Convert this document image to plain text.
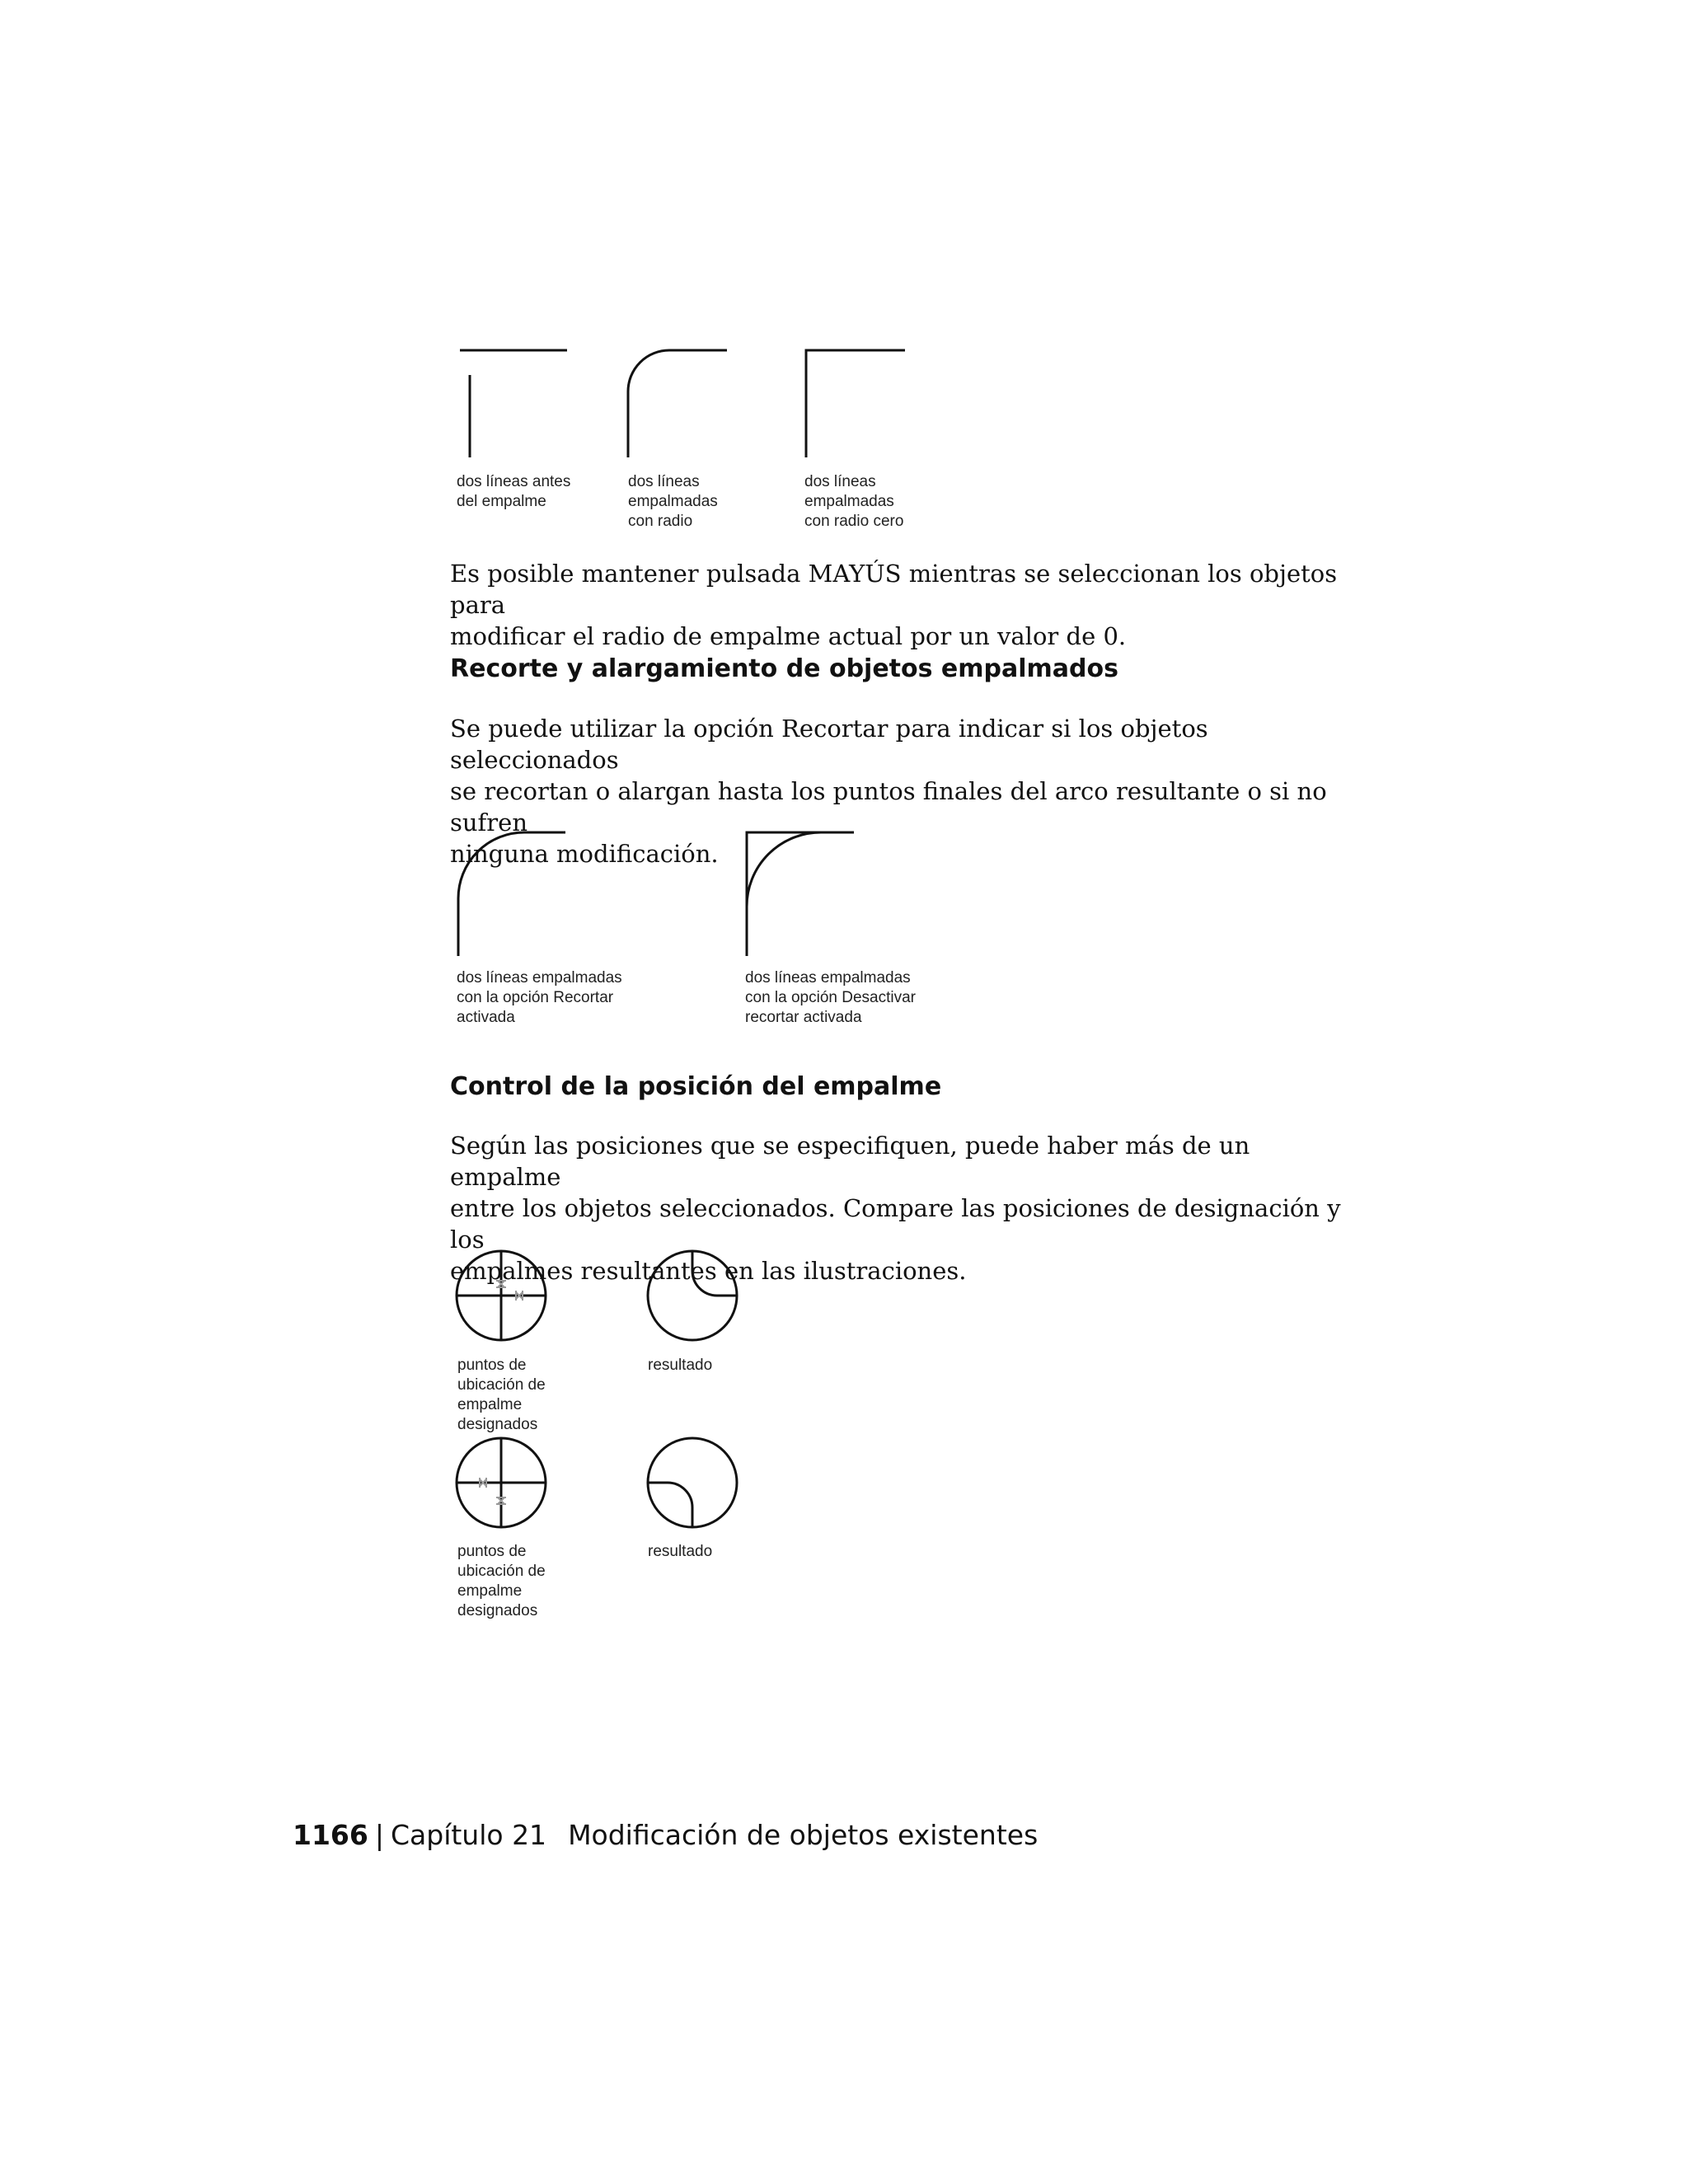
dos líneas antes
del empalme

dos líneas
empalmadas
con radio

dos líneas
empalmadas
con radio cero

Es posible mantener pulsada MAYÚS mientras se seleccionan los objetos para
modificar el radio de empalme actual por un valor de 0.

Recorte y alargamiento de objetos empalmados

Se puede utilizar la opción Recortar para indicar si los objetos seleccionados
se recortan o alargan hasta los puntos finales del arco resultante o si no sufren
ninguna modificación.

dos líneas empalmadas
con la opción Recortar
activada

dos líneas empalmadas
con la opción Desactivar
recortar activada

Control de la posición del empalme

Según las posiciones que se especifiquen, puede haber más de un empalme
entre los objetos seleccionados. Compare las posiciones de designación y los
empalmes resultantes en las ilustraciones.

puntos de
ubicación de
empalme
designados

resultado

puntos de
ubicación de
empalme
designados

resultado

1166 | Capítulo 21 Modificación de objetos existentes
